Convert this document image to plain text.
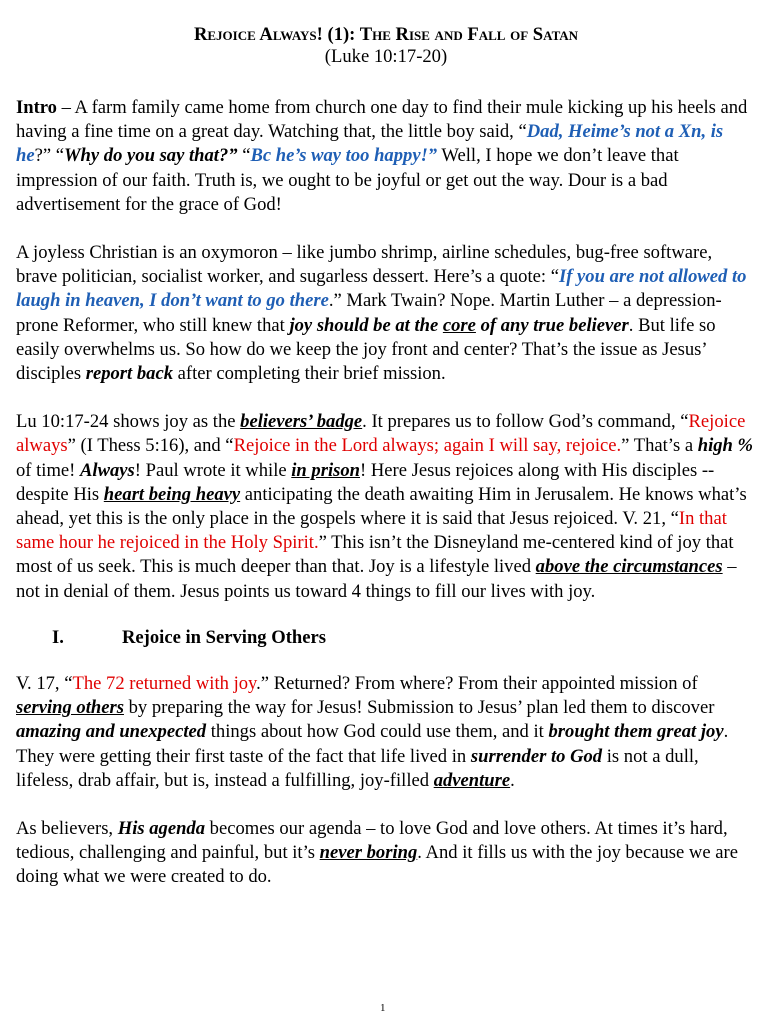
Rejoice Always! (1): The Rise and Fall of Satan
(Luke 10:17-20)

Intro – A farm family came home from church one day to find their mule kicking up his heels and having a fine time on a great day. Watching that, the little boy said, “Dad, Heime’s not a Xn, is he?” “Why do you say that?” “Bc he’s way too happy!” Well, I hope we don’t leave that impression of our faith. Truth is, we ought to be joyful or get out the way. Dour is a bad advertisement for the grace of God!

A joyless Christian is an oxymoron – like jumbo shrimp, airline schedules, bug-free software, brave politician, socialist worker, and sugarless dessert. Here’s a quote: “If you are not allowed to laugh in heaven, I don’t want to go there.” Mark Twain? Nope. Martin Luther – a depression-prone Reformer, who still knew that joy should be at the core of any true believer. But life so easily overwhelms us. So how do we keep the joy front and center? That’s the issue as Jesus’ disciples report back after completing their brief mission.

Lu 10:17-24 shows joy as the believers’ badge. It prepares us to follow God’s command, “Rejoice always” (I Thess 5:16), and “Rejoice in the Lord always; again I will say, rejoice.” That’s a high % of time! Always! Paul wrote it while in prison! Here Jesus rejoices along with His disciples -- despite His heart being heavy anticipating the death awaiting Him in Jerusalem. He knows what’s ahead, yet this is the only place in the gospels where it is said that Jesus rejoiced. V. 21, “In that same hour he rejoiced in the Holy Spirit.” This isn’t the Disneyland me-centered kind of joy that most of us seek. This is much deeper than that. Joy is a lifestyle lived above the circumstances – not in denial of them. Jesus points us toward 4 things to fill our lives with joy.

I.	Rejoice in Serving Others

V. 17, “The 72 returned with joy.” Returned? From where? From their appointed mission of serving others by preparing the way for Jesus! Submission to Jesus’ plan led them to discover amazing and unexpected things about how God could use them, and it brought them great joy. They were getting their first taste of the fact that life lived in surrender to God is not a dull, lifeless, drab affair, but is, instead a fulfilling, joy-filled adventure.

As believers, His agenda becomes our agenda – to love God and love others. At times it’s hard, tedious, challenging and painful, but it’s never boring. And it fills us with the joy because we are doing what we were created to do.

1
